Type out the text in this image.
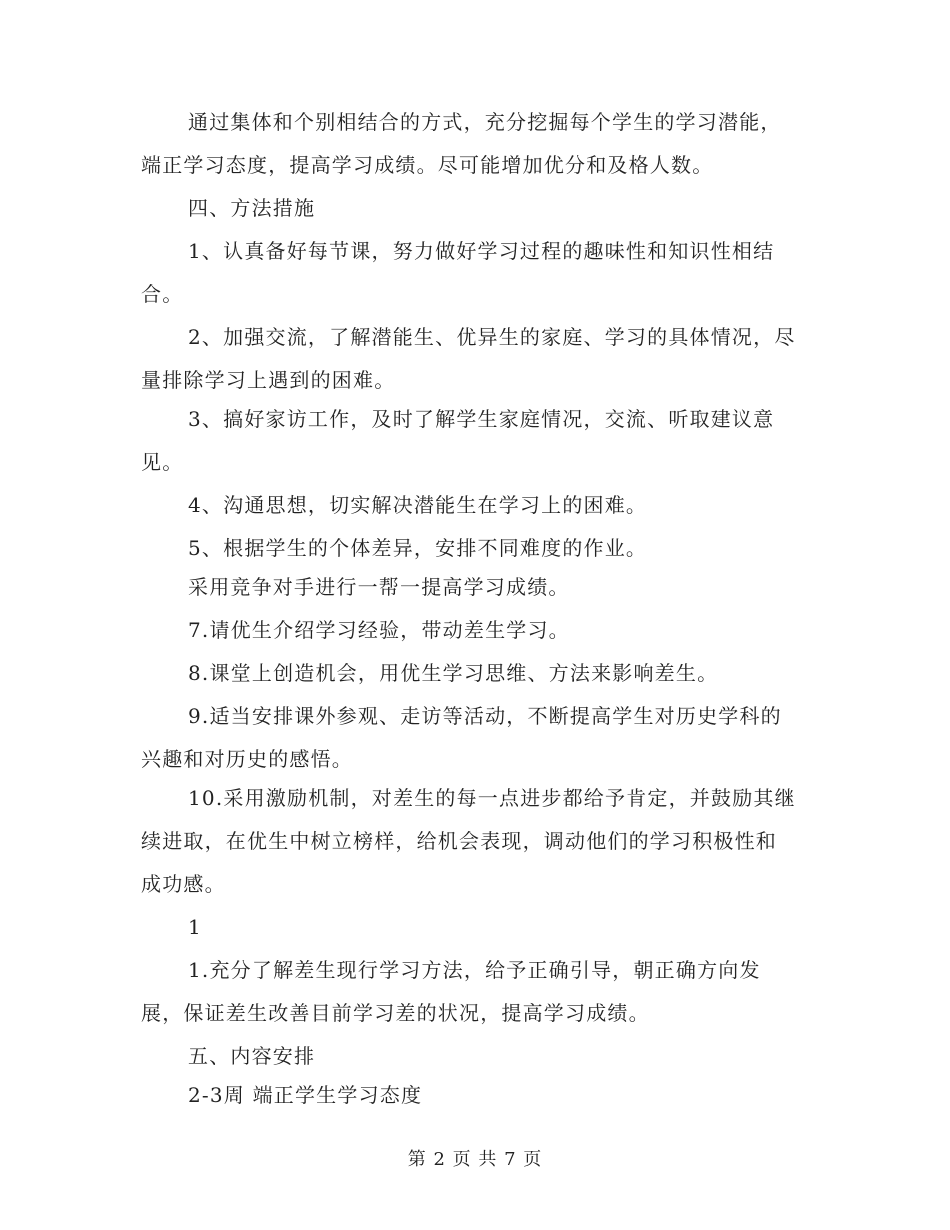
通过集体和个别相结合的方式，充分挖掘每个学生的学习潜能，
端正学习态度，提高学习成绩。尽可能增加优分和及格人数。
四、方法措施
1、认真备好每节课，努力做好学习过程的趣味性和知识性相结
合。
2、加强交流，了解潜能生、优异生的家庭、学习的具体情况，尽
量排除学习上遇到的困难。
3、搞好家访工作，及时了解学生家庭情况，交流、听取建议意
见。
4、沟通思想，切实解决潜能生在学习上的困难。
5、根据学生的个体差异，安排不同难度的作业。
采用竞争对手进行一帮一提高学习成绩。
7.请优生介绍学习经验，带动差生学习。
8.课堂上创造机会，用优生学习思维、方法来影响差生。
9.适当安排课外参观、走访等活动，不断提高学生对历史学科的
兴趣和对历史的感悟。
10.采用激励机制，对差生的每一点进步都给予肯定，并鼓励其继
续进取，在优生中树立榜样，给机会表现，调动他们的学习积极性和
成功感。
1
1.充分了解差生现行学习方法，给予正确引导，朝正确方向发
展，保证差生改善目前学习差的状况，提高学习成绩。
五、内容安排
2-3周 端正学生学习态度
第 2 页 共 7 页
